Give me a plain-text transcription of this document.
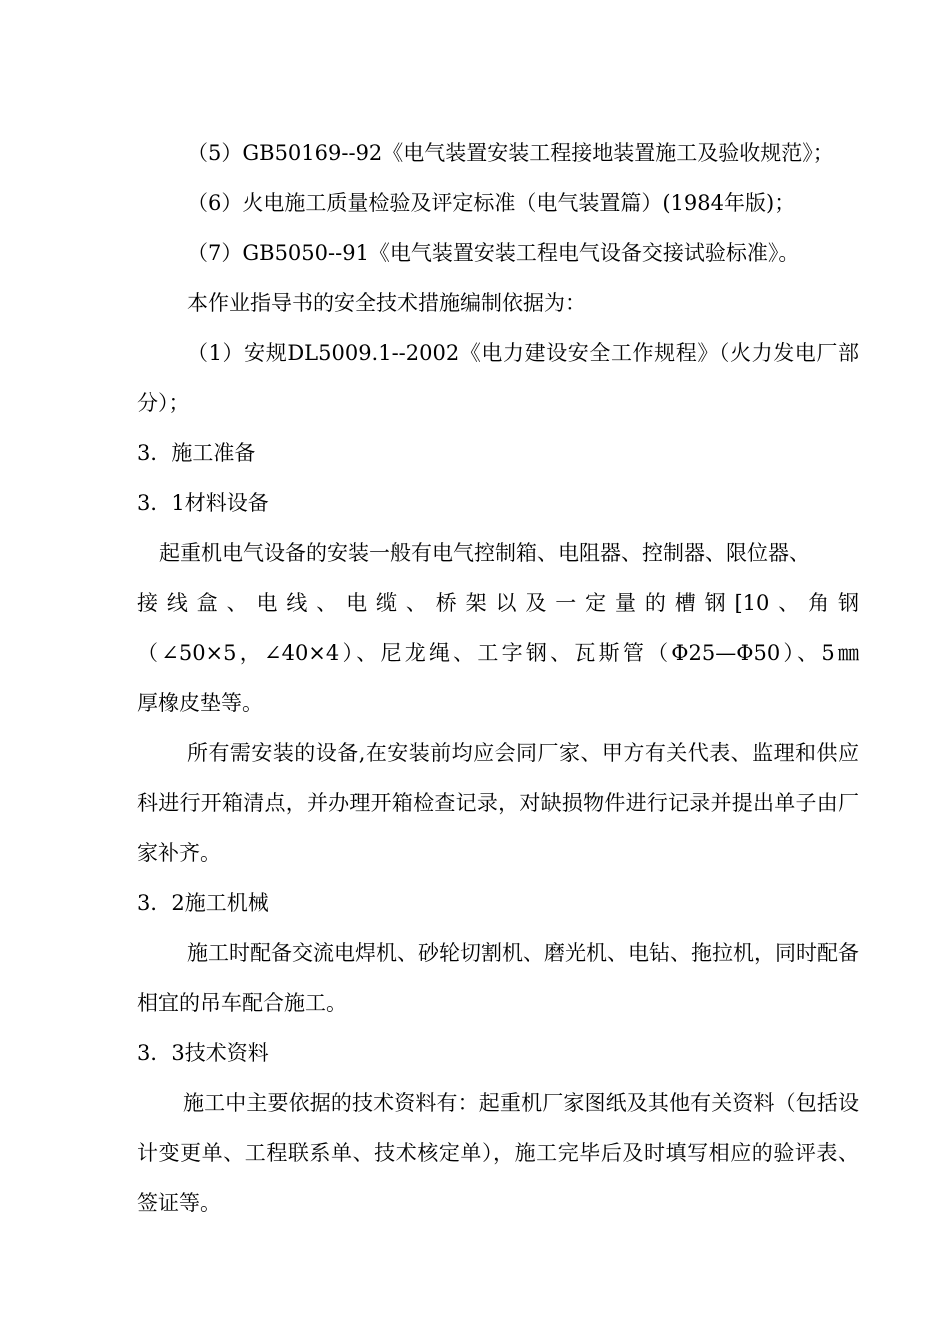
（5）GB50169--92《电气装置安装工程接地装置施工及验收规范》；

（6）火电施工质量检验及评定标准（电气装置篇）(1984年版)；

（7）GB5050--91《电气装置安装工程电气设备交接试验标准》。

本作业指导书的安全技术措施编制依据为：

（1）安规DL5009.1--2002《电力建设安全工作规程》（火力发电厂部分）；

3．施工准备

3．1材料设备

起重机电气设备的安装一般有电气控制箱、电阻器、控制器、限位器、

接线盒、电线、电缆、桥架以及一定量的槽钢[10、角钢

（∠50×5，∠40×4）、尼龙绳、工字钢、瓦斯管（Φ25—Φ50）、5㎜

厚橡皮垫等。

所有需安装的设备,在安装前均应会同厂家、甲方有关代表、监理和供应科进行开箱清点，并办理开箱检查记录，对缺损物件进行记录并提出单子由厂家补齐。

3．2施工机械

施工时配备交流电焊机、砂轮切割机、磨光机、电钻、拖拉机，同时配备相宜的吊车配合施工。

3．3技术资料

施工中主要依据的技术资料有：起重机厂家图纸及其他有关资料（包括设计变更单、工程联系单、技术核定单），施工完毕后及时填写相应的验评表、签证等。
